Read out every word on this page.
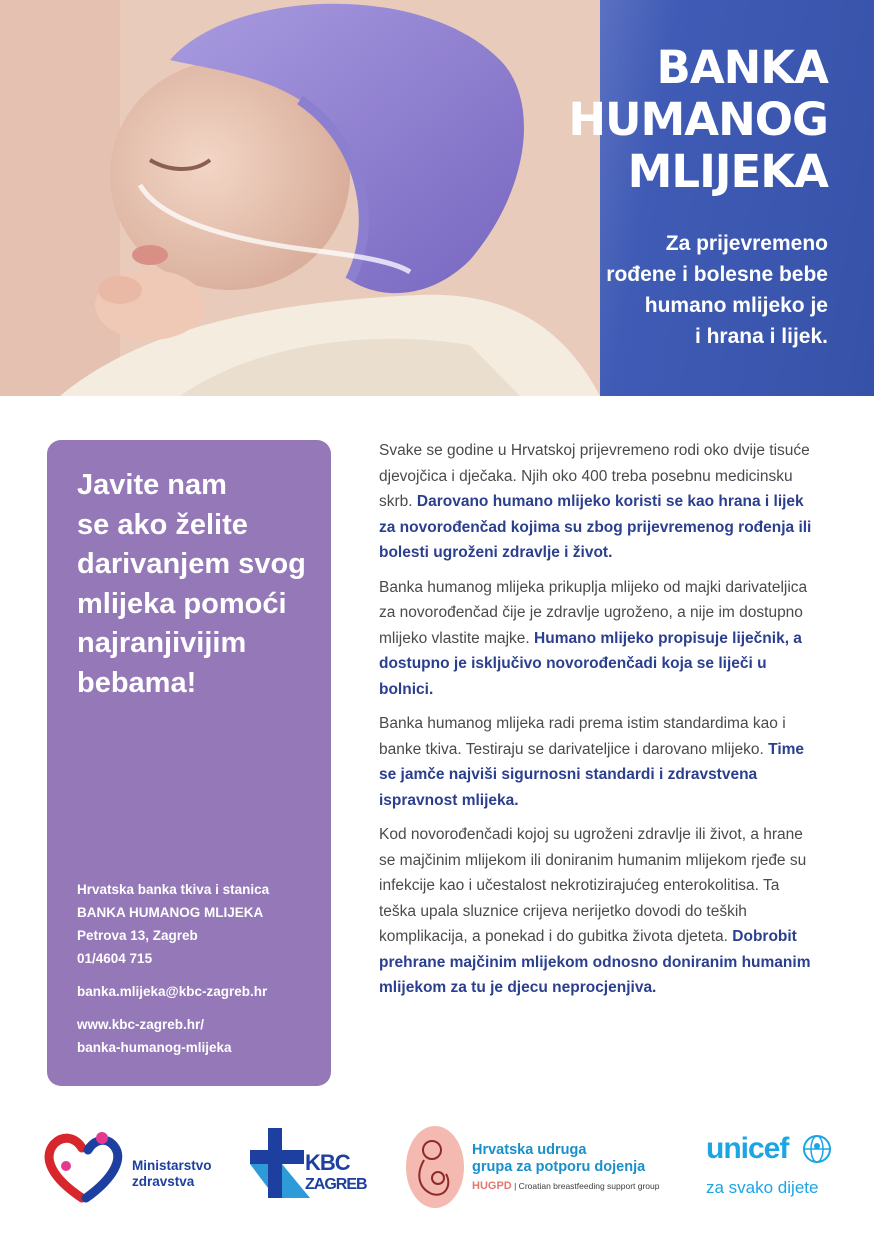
BANKA
HUMANOG
MLIJEKA
Za prijevremeno
rođene i bolesne bebe
humano mlijeko je
i hrana i lijek.
Javite nam
se ako želite
darivanjem svog
mlijeka pomoći
najranjivijim
bebama!
Hrvatska banka tkiva i stanica
BANKA HUMANOG MLIJEKA
Petrova 13, Zagreb
01/4604 715
banka.mlijeka@kbc-zagreb.hr
www.kbc-zagreb.hr/
banka-humanog-mlijeka

Svake se godine u Hrvatskoj prijevremeno rodi oko dvije tisuće djevojčica i dječaka. Njih oko 400 treba posebnu medicinsku skrb. Darovano humano mlijeko koristi se kao hrana i lijek za novorođenčad kojima su zbog prijevremenog rođenja ili bolesti ugroženi zdravlje i život.

Banka humanog mlijeka prikuplja mlijeko od majki darivateljica za novorođenčad čije je zdravlje ugroženo, a nije im dostupno mlijeko vlastite majke. Humano mlijeko propisuje liječnik, a dostupno je isključivo novorođenčadi koja se liječi u bolnici.

Banka humanog mlijeka radi prema istim standardima kao i banke tkiva. Testiraju se darivateljice i darovano mlijeko. Time se jamče najviši sigurnosni standardi i zdravstvena ispravnost mlijeka.

Kod novorođenčadi kojoj su ugroženi zdravlje ili život, a hrane se majčinim mlijekom ili doniranim humanim mlijekom rjeđe su infekcije kao i učestalost nekrotizirajućeg enterokolitisa. Ta teška upala sluznice crijeva nerijetko dovodi do teških komplikacija, a ponekad i do gubitka života djeteta. Dobrobit prehrane majčinim mlijekom odnosno doniranim humanim mlijekom za tu je djecu neprocjenjiva.

Ministarstvo
zdravstva
KBC
ZAGREB
Hrvatska udruga
grupa za potporu dojenja
HUGPD | Croatian breastfeeding support group
unicef
za svako dijete
